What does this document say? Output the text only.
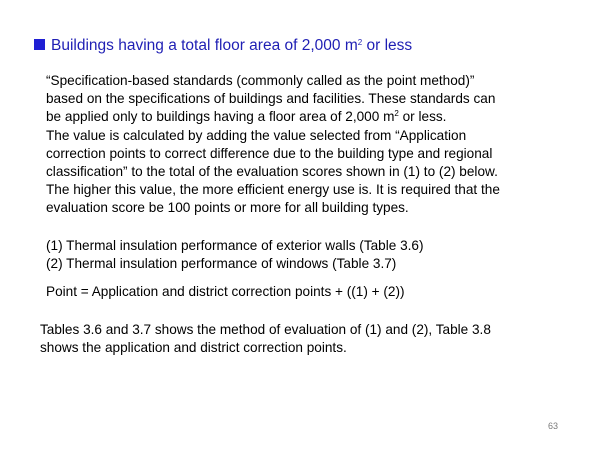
Buildings having a total floor area of 2,000 $m^2$ or less
“Specification-based standards (commonly called as the point method)”
based on the specifications of buildings and facilities. These standards can
be applied only to buildings having a floor area of 2,000 $m^2$ or less.
The value is calculated by adding the value selected from “Application
correction points to correct difference due to the building type and regional
classification” to the total of the evaluation scores shown in (1) to (2) below.
The higher this value, the more efficient energy use is. It is required that the
evaluation score be 100 points or more for all building types.
(1) Thermal insulation performance of exterior walls (Table 3.6)
(2) Thermal insulation performance of windows (Table 3.7)
Point = Application and district correction points + ((1) + (2))
Tables 3.6 and 3.7 shows the method of evaluation of (1) and (2), Table 3.8
shows the application and district correction points.
63
